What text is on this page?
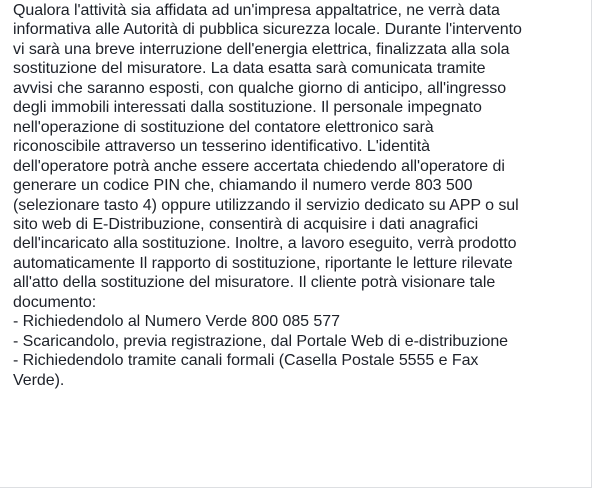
Qualora l'attività sia affidata ad un'impresa appaltatrice, ne verrà data
informativa alle Autorità di pubblica sicurezza locale. Durante l'intervento
vi sarà una breve interruzione dell'energia elettrica, finalizzata alla sola
sostituzione del misuratore. La data esatta sarà comunicata tramite
avvisi che saranno esposti, con qualche giorno di anticipo, all'ingresso
degli immobili interessati dalla sostituzione. Il personale impegnato
nell'operazione di sostituzione del contatore elettronico sarà
riconoscibile attraverso un tesserino identificativo. L'identità
dell'operatore potrà anche essere accertata chiedendo all'operatore di
generare un codice PIN che, chiamando il numero verde 803 500
(selezionare tasto 4) oppure utilizzando il servizio dedicato su APP o sul
sito web di E-Distribuzione, consentirà di acquisire i dati anagrafici
dell'incaricato alla sostituzione. Inoltre, a lavoro eseguito, verrà prodotto
automaticamente Il rapporto di sostituzione, riportante le letture rilevate
all'atto della sostituzione del misuratore. Il cliente potrà visionare tale
documento:
- Richiedendolo al Numero Verde 800 085 577
- Scaricandolo, previa registrazione, dal Portale Web di e-distribuzione
- Richiedendolo tramite canali formali (Casella Postale 5555 e Fax
Verde).
